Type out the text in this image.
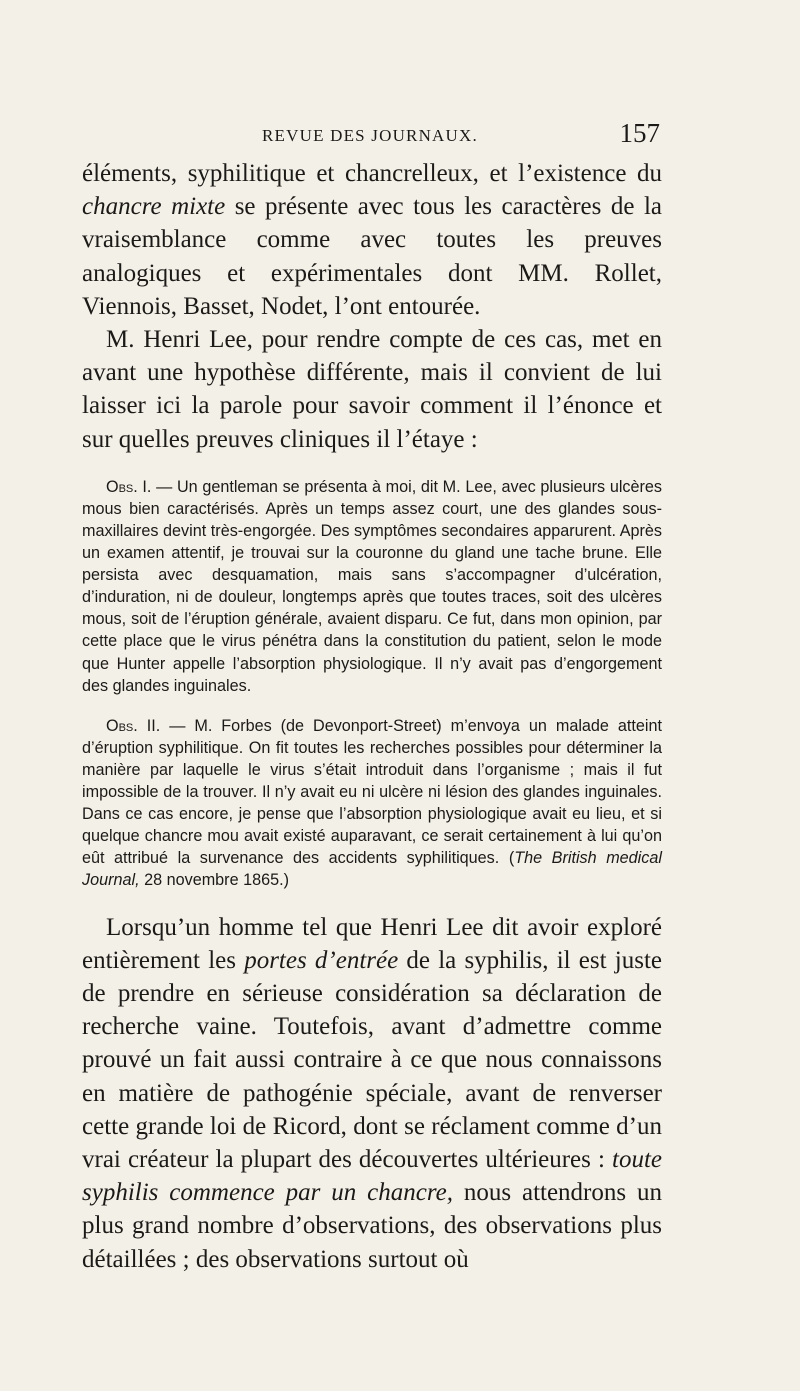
REVUE DES JOURNAUX.	157

éléments, syphilitique et chancrelleux, et l’existence du chancre mixte se présente avec tous les caractères de la vraisemblance comme avec toutes les preuves analogiques et expérimentales dont MM. Rollet, Viennois, Basset, Nodet, l’ont entourée.

M. Henri Lee, pour rendre compte de ces cas, met en avant une hypothèse différente, mais il convient de lui laisser ici la parole pour savoir comment il l’énonce et sur quelles preuves cliniques il l’étaye :

Obs. I. — Un gentleman se présenta à moi, dit M. Lee, avec plusieurs ulcères mous bien caractérisés. Après un temps assez court, une des glandes sous-maxillaires devint très-engorgée. Des symptômes secondaires apparurent. Après un examen attentif, je trouvai sur la couronne du gland une tache brune. Elle persista avec desquamation, mais sans s’accompagner d’ulcération, d’induration, ni de douleur, longtemps après que toutes traces, soit des ulcères mous, soit de l’éruption générale, avaient disparu. Ce fut, dans mon opinion, par cette place que le virus pénétra dans la constitution du patient, selon le mode que Hunter appelle l’absorption physiologique. Il n’y avait pas d’engorgement des glandes inguinales.

Obs. II. — M. Forbes (de Devonport-Street) m’envoya un malade atteint d’éruption syphilitique. On fit toutes les recherches possibles pour déterminer la manière par laquelle le virus s’était introduit dans l’organisme ; mais il fut impossible de la trouver. Il n’y avait eu ni ulcère ni lésion des glandes inguinales. Dans ce cas encore, je pense que l’absorption physiologique avait eu lieu, et si quelque chancre mou avait existé auparavant, ce serait certainement à lui qu’on eût attribué la survenance des accidents syphilitiques. (The British medical Journal, 28 novembre 1865.)

Lorsqu’un homme tel que Henri Lee dit avoir exploré entièrement les portes d’entrée de la syphilis, il est juste de prendre en sérieuse considération sa déclaration de recherche vaine. Toutefois, avant d’admettre comme prouvé un fait aussi contraire à ce que nous connaissons en matière de pathogénie spéciale, avant de renverser cette grande loi de Ricord, dont se réclament comme d’un vrai créateur la plupart des découvertes ultérieures : toute syphilis commence par un chancre, nous attendrons un plus grand nombre d’observations, des observations plus détaillées ; des observations surtout où
